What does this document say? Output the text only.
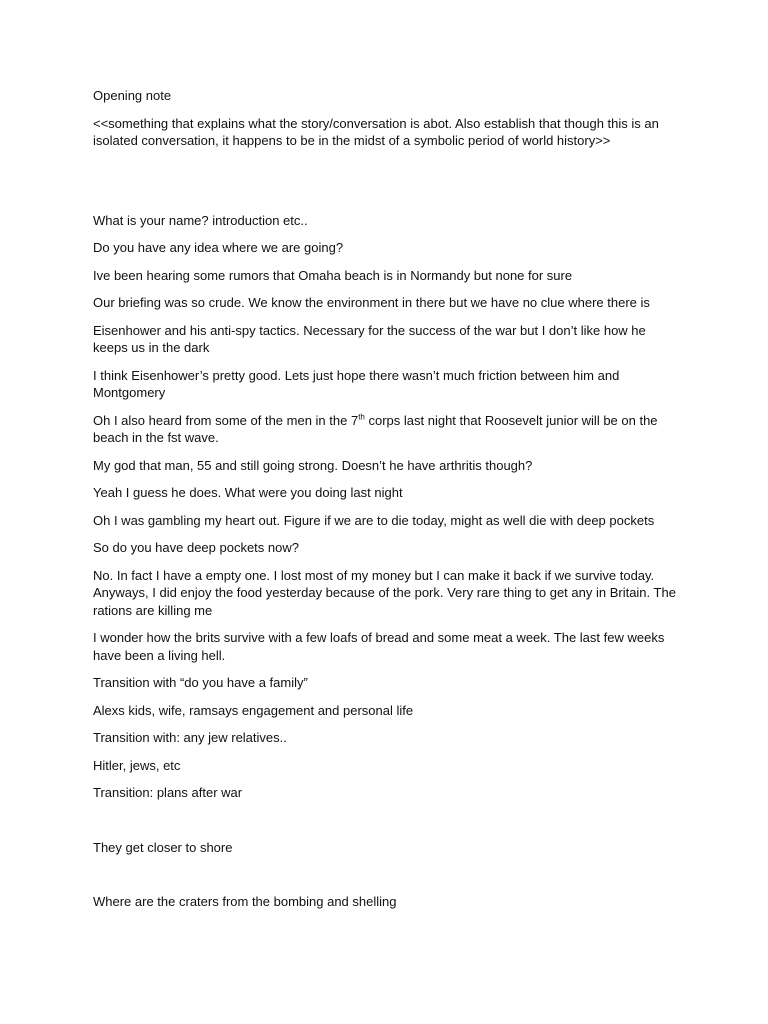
Opening note

<<something that explains what the story/conversation is abot. Also establish that though this is an isolated conversation, it happens to be in the midst of a symbolic period of world history>>

What is your name? introduction etc..

Do you have any idea where we are going?

Ive been hearing some rumors that Omaha beach is in Normandy but none for sure

Our briefing was so crude. We know the environment in there but we have no clue where there is

Eisenhower and his anti-spy tactics. Necessary for the success of the war but I don’t like how he keeps us in the dark

I think Eisenhower’s pretty good. Lets just hope there wasn’t much friction between him and Montgomery

Oh I also heard from some of the men in the 7th corps last night that Roosevelt junior will be on the beach in the fst wave.

My god that man, 55 and still going strong. Doesn’t he have arthritis though?

Yeah I guess he does. What were you doing last night

Oh I was gambling my heart out. Figure if we are to die today, might as well die with deep pockets

So do you have deep pockets now?

No. In fact I have a empty one. I lost most of my money but I can make it back if we survive today. Anyways, I did enjoy the food yesterday because of the pork. Very rare thing to get any in Britain. The rations are killing me

I wonder how the brits survive with a few loafs of bread and some meat a week. The last few weeks have been a living hell.

Transition with “do you have a family”

Alexs kids, wife, ramsays engagement and personal life

Transition with: any jew relatives..

Hitler, jews, etc

Transition: plans after war

They get closer to shore

Where are the craters from the bombing and shelling
